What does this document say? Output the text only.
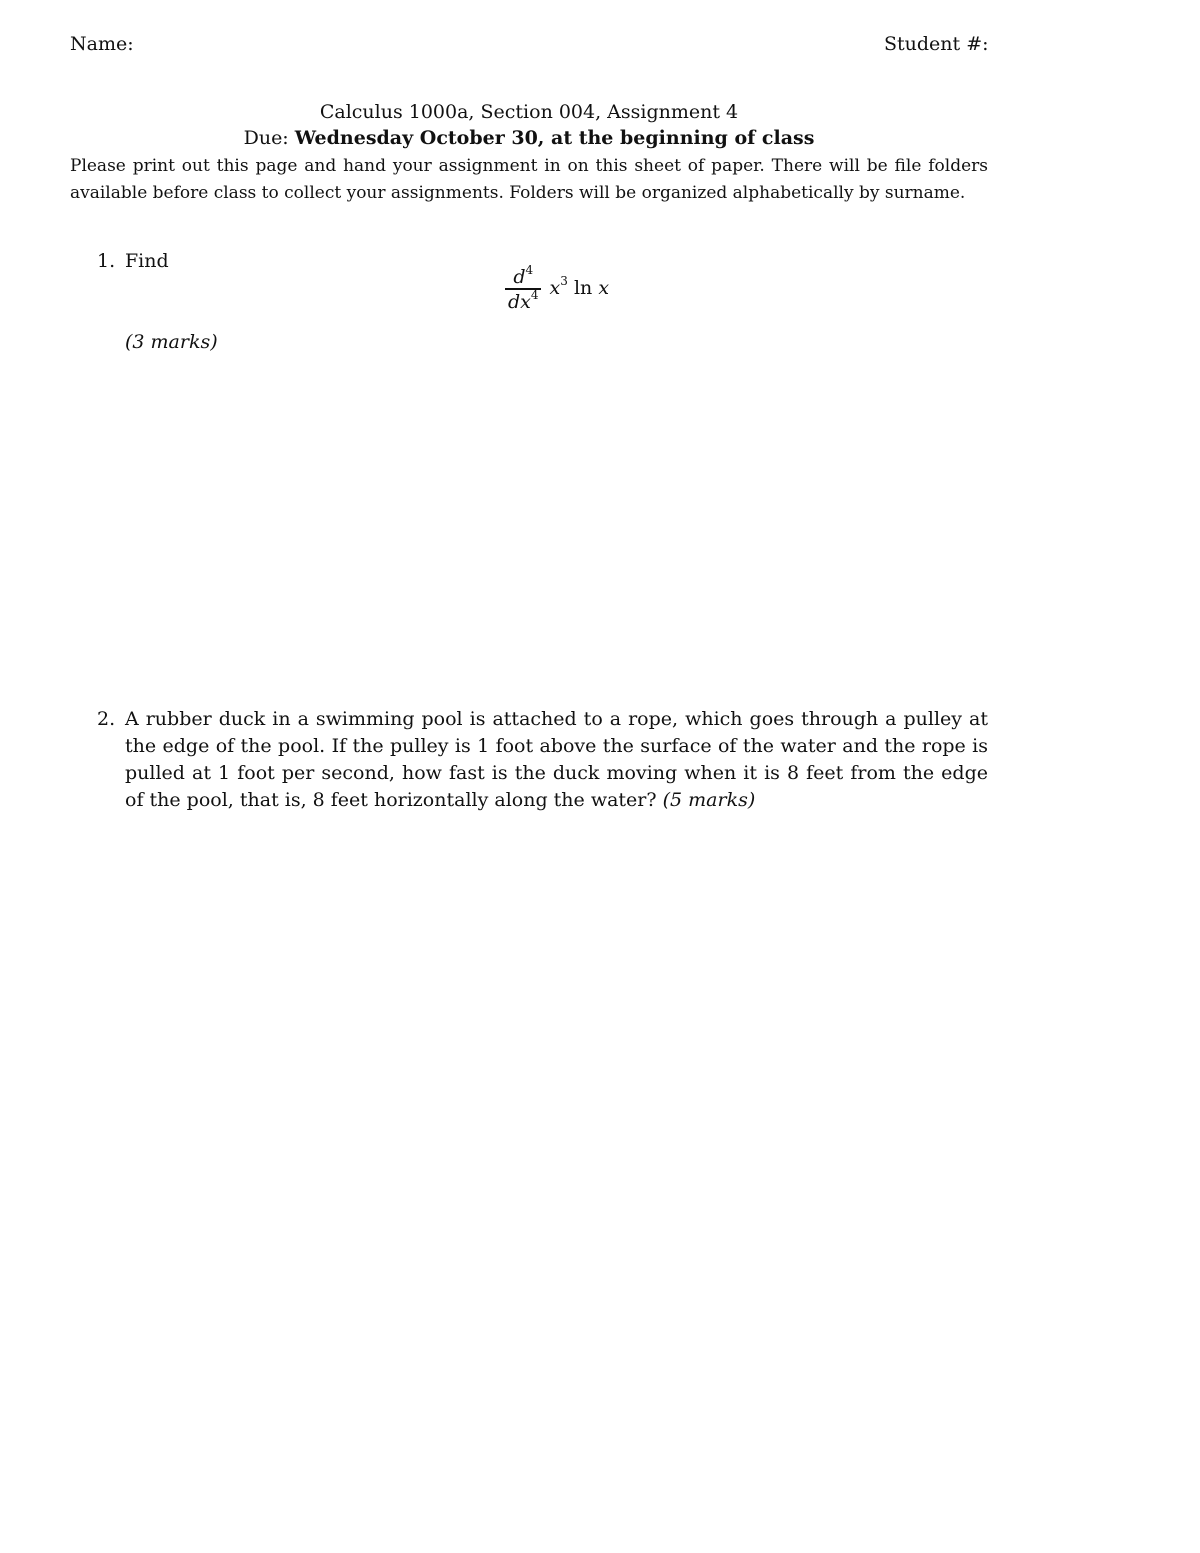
Name:	Student #:
Calculus 1000a, Section 004, Assignment 4
Due: Wednesday October 30, at the beginning of class
Please print out this page and hand your assignment in on this sheet of paper. There will be file folders available before class to collect your assignments. Folders will be organized alphabetically by surname.
1. Find
$\frac{d^4}{dx^4} x^3$ ln x
(3 marks)
2. A rubber duck in a swimming pool is attached to a rope, which goes through a pulley at the edge of the pool. If the pulley is 1 foot above the surface of the water and the rope is pulled at 1 foot per second, how fast is the duck moving when it is 8 feet from the edge of the pool, that is, 8 feet horizontally along the water? (5 marks)
